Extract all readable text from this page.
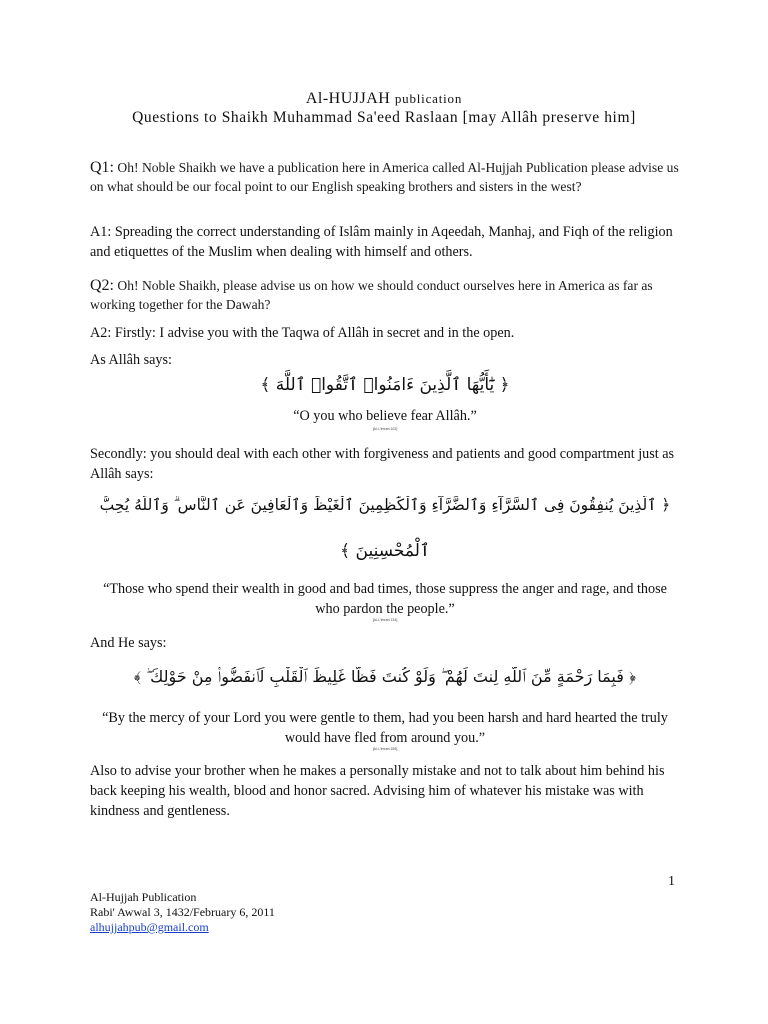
Al-HUJJAH publication
Questions to Shaikh Muhammad Sa'eed Raslaan [may Allâh preserve him]
Q1: Oh! Noble Shaikh we have a publication here in America called Al-Hujjah Publication please advise us on what should be our focal point to our English speaking brothers and sisters in the west?
A1: Spreading the correct understanding of Islâm mainly in Aqeedah, Manhaj, and Fiqh of the religion and etiquettes of the Muslim when dealing with himself and others.
Q2: Oh! Noble Shaikh, please advise us on how we should conduct ourselves here in America as far as working together for the Dawah?
A2: Firstly: I advise you with the Taqwa of Allâh in secret and in the open.
As Allâh says:
﴿ يَٰٓأَيُّهَا ٱلَّذِينَ ءَامَنُوا۟ ٱتَّقُوا۟ ٱللَّهَ ﴾
“O you who believe fear Allâh.”
[Al-i-'Imran 102]
Secondly: you should deal with each other with forgiveness and patients and good compartment just as Allâh says:
﴿ ٱلَّذِينَ يُنفِقُونَ فِى ٱلسَّرَّآءِ وَٱلضَّرَّآءِ وَٱلْكَٰظِمِينَ ٱلْغَيْظَ وَٱلْعَافِينَ عَنِ ٱلنَّاسِ ۗ وَٱللَّهُ يُحِبُّ
ٱلْمُحْسِنِينَ ﴾
“Those who spend their wealth in good and bad times, those suppress the anger and rage, and those who pardon the people.”
[Al-i-'Imran 134]
And He says:
﴿ فَبِمَا رَحْمَةٍ مِّنَ ٱللَّهِ لِنتَ لَهُمْ ۖ وَلَوْ كُنتَ فَظًّا غَلِيظَ ٱلْقَلْبِ لَٱنفَضُّوا۟ مِنْ حَوْلِكَ ۖ ﴾
“By the mercy of your Lord you were gentle to them, had you been harsh and hard hearted the truly would have fled from around you.”
[Al-i-'Imran 159]
Also to advise your brother when he makes a personally mistake and not to talk about him behind his back keeping his wealth, blood and honor sacred. Advising him of whatever his mistake was with kindness and gentleness.
1
Al-Hujjah Publication
Rabi' Awwal 3, 1432/February 6, 2011
alhujjahpub@gmail.com
